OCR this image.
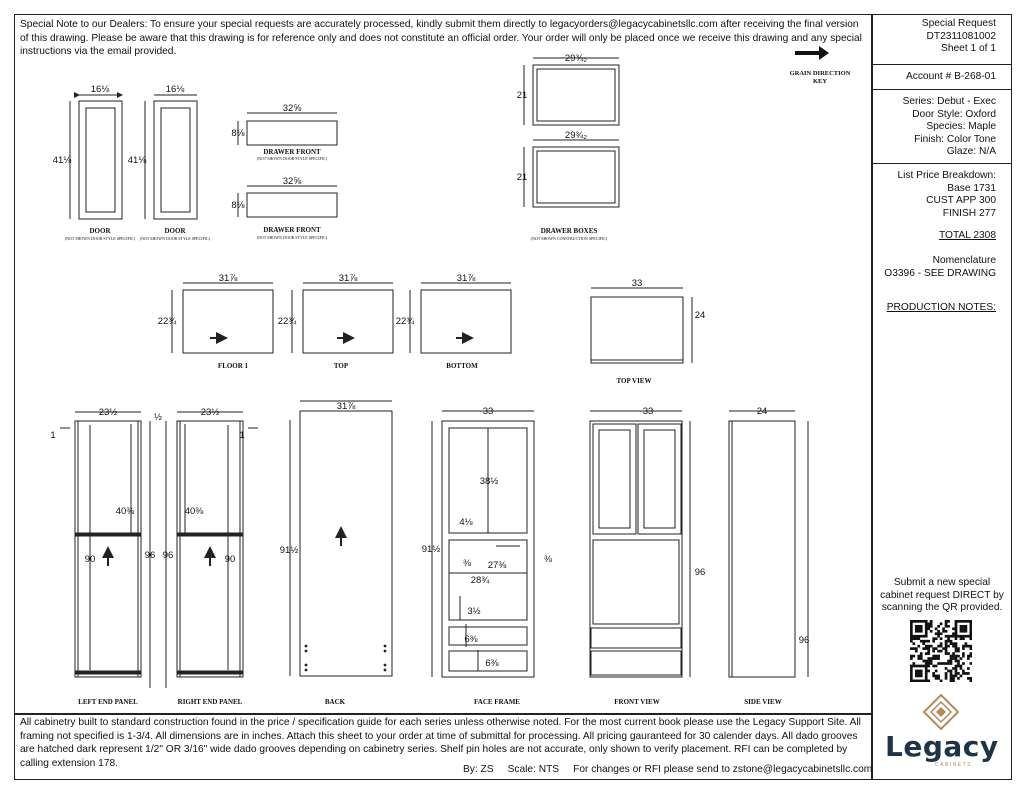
Special Note to our Dealers: To ensure your special requests are accurately processed, kindly submit them directly to legacyorders@legacycabinetsllc.com after receiving the final version of this drawing. Please be aware that this drawing is for reference only and does not constitute an official order. Your order will only be placed once we receive this drawing and any special instructions via the email provided.
All cabinetry built to standard construction found in the price / specification guide for each series unless otherwise noted. For the most current book please use the Legacy Support Site. All framing not specified is 1-3/4. All dimensions are in inches. Attach this sheet to your order at time of submittal for processing. All pricing gauranteed for 30 calender days. All dado grooves are hatched dark represent 1/2" OR 3/16" wide dado grooves depending on cabinetry series. Shelf pin holes are not accurate, only shown to verify placement. RFI can be completed by calling extension 178.
By: ZS Scale: NTS For changes or RFI please send to zstone@legacycabinetsllc.com
Special Request
DT2311081002
Sheet 1 of 1
GRAIN DIRECTION
KEY	Account # B-268-01
Series: Debut - Exec
Door Style: Oxford
Species: Maple
Finish: Color Tone
Glaze: N/A
List Price Breakdown:
Base 1731
CUST APP 300
FINISH 277
TOTAL 2308
Nomenclature
O3396 - SEE DRAWING
PRODUCTION NOTES:
Submit a new special
cabinet request DIRECT by
scanning the QR provided.
Legacy
CABINETS
16⅛
41⅛
DOOR
(NOT SHOWN DOOR STYLE SPECIFIC)
16⅛
41⅛
DOOR
(NOT SHOWN DOOR STYLE SPECIFIC)
32⅝
8⅛
DRAWER FRONT
(NOT SHOWN DOOR STYLE SPECIFIC)
32⅝
8⅛
DRAWER FRONT
(NOT SHOWN DOOR STYLE SPECIFIC)
29¾₂
21
29¾₂
21
DRAWER BOXES
(NOT SHOWN CONSTRUCTION SPECIFIC)
31⅞
22¾
FLOOR 1
31⅞
22¾
TOP
31⅞
22¾
BOTTOM
33
24
TOP VIEW
23½
1
40⅜
90	96
LEFT END PANEL
23½
½
1
40⅜
90
96
RIGHT END PANEL
31⅞
91½
BACK
33
38½
4⅛
91½
⅜ 27⅜
⅜
28¾
3½
6⅜
6⅜
FACE FRAME
33
96
FRONT VIEW
24
96
SIDE VIEW
